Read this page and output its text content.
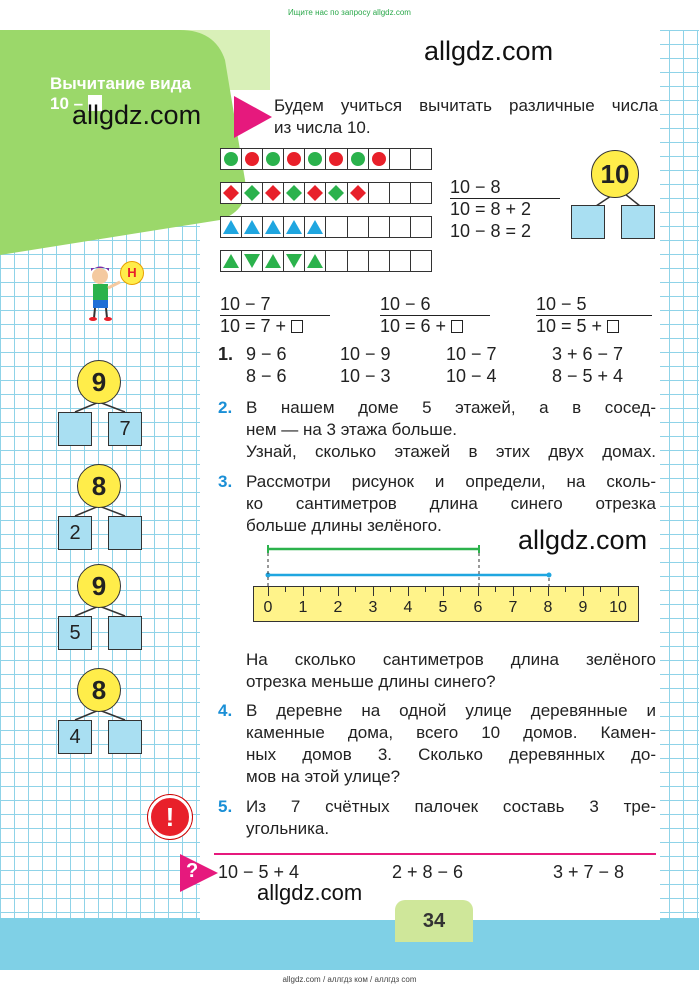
Ищите нас по запросу allgdz.com
allgdz.com / аллгдз ком / аллгдз com
Вычитание вида
10 –
allgdz.com
allgdz.com
allgdz.com
allgdz.com
Будем учиться вычитать различные числа
из числа 10.
10 − 8
10 = 8 + 2
10 − 8 = 2
10
10 − 7
10 = 7 +
10 − 6
10 = 6 +
10 − 5
10 = 5 +
1. 9 − 6	10 − 9	10 − 7	3 + 6 − 7
8 − 6	10 − 3	10 − 4	8 − 5 + 4
2. В нашем доме 5 этажей, а в сосед-
нем — на 3 этажа больше.
Узнай, сколько этажей в этих двух домах.
3. Рассмотри рисунок и определи, на сколь-
ко сантиметров длина синего отрезка
больше длины зелёного.
0	1	2	3	4	5	6	7	8	9	10
На сколько сантиметров длина зелёного
отрезка меньше длины синего?
4. В деревне на одной улице деревянные и
каменные дома, всего 10 домов. Камен-
ных домов 3. Сколько деревянных до-
мов на этой улице?
5. Из 7 счётных палочек составь 3 тре-
угольника.
? 10 − 5 + 4	2 + 8 − 6	3 + 7 − 8
34
Н
9
7
8
2
9
5
8
4
!
